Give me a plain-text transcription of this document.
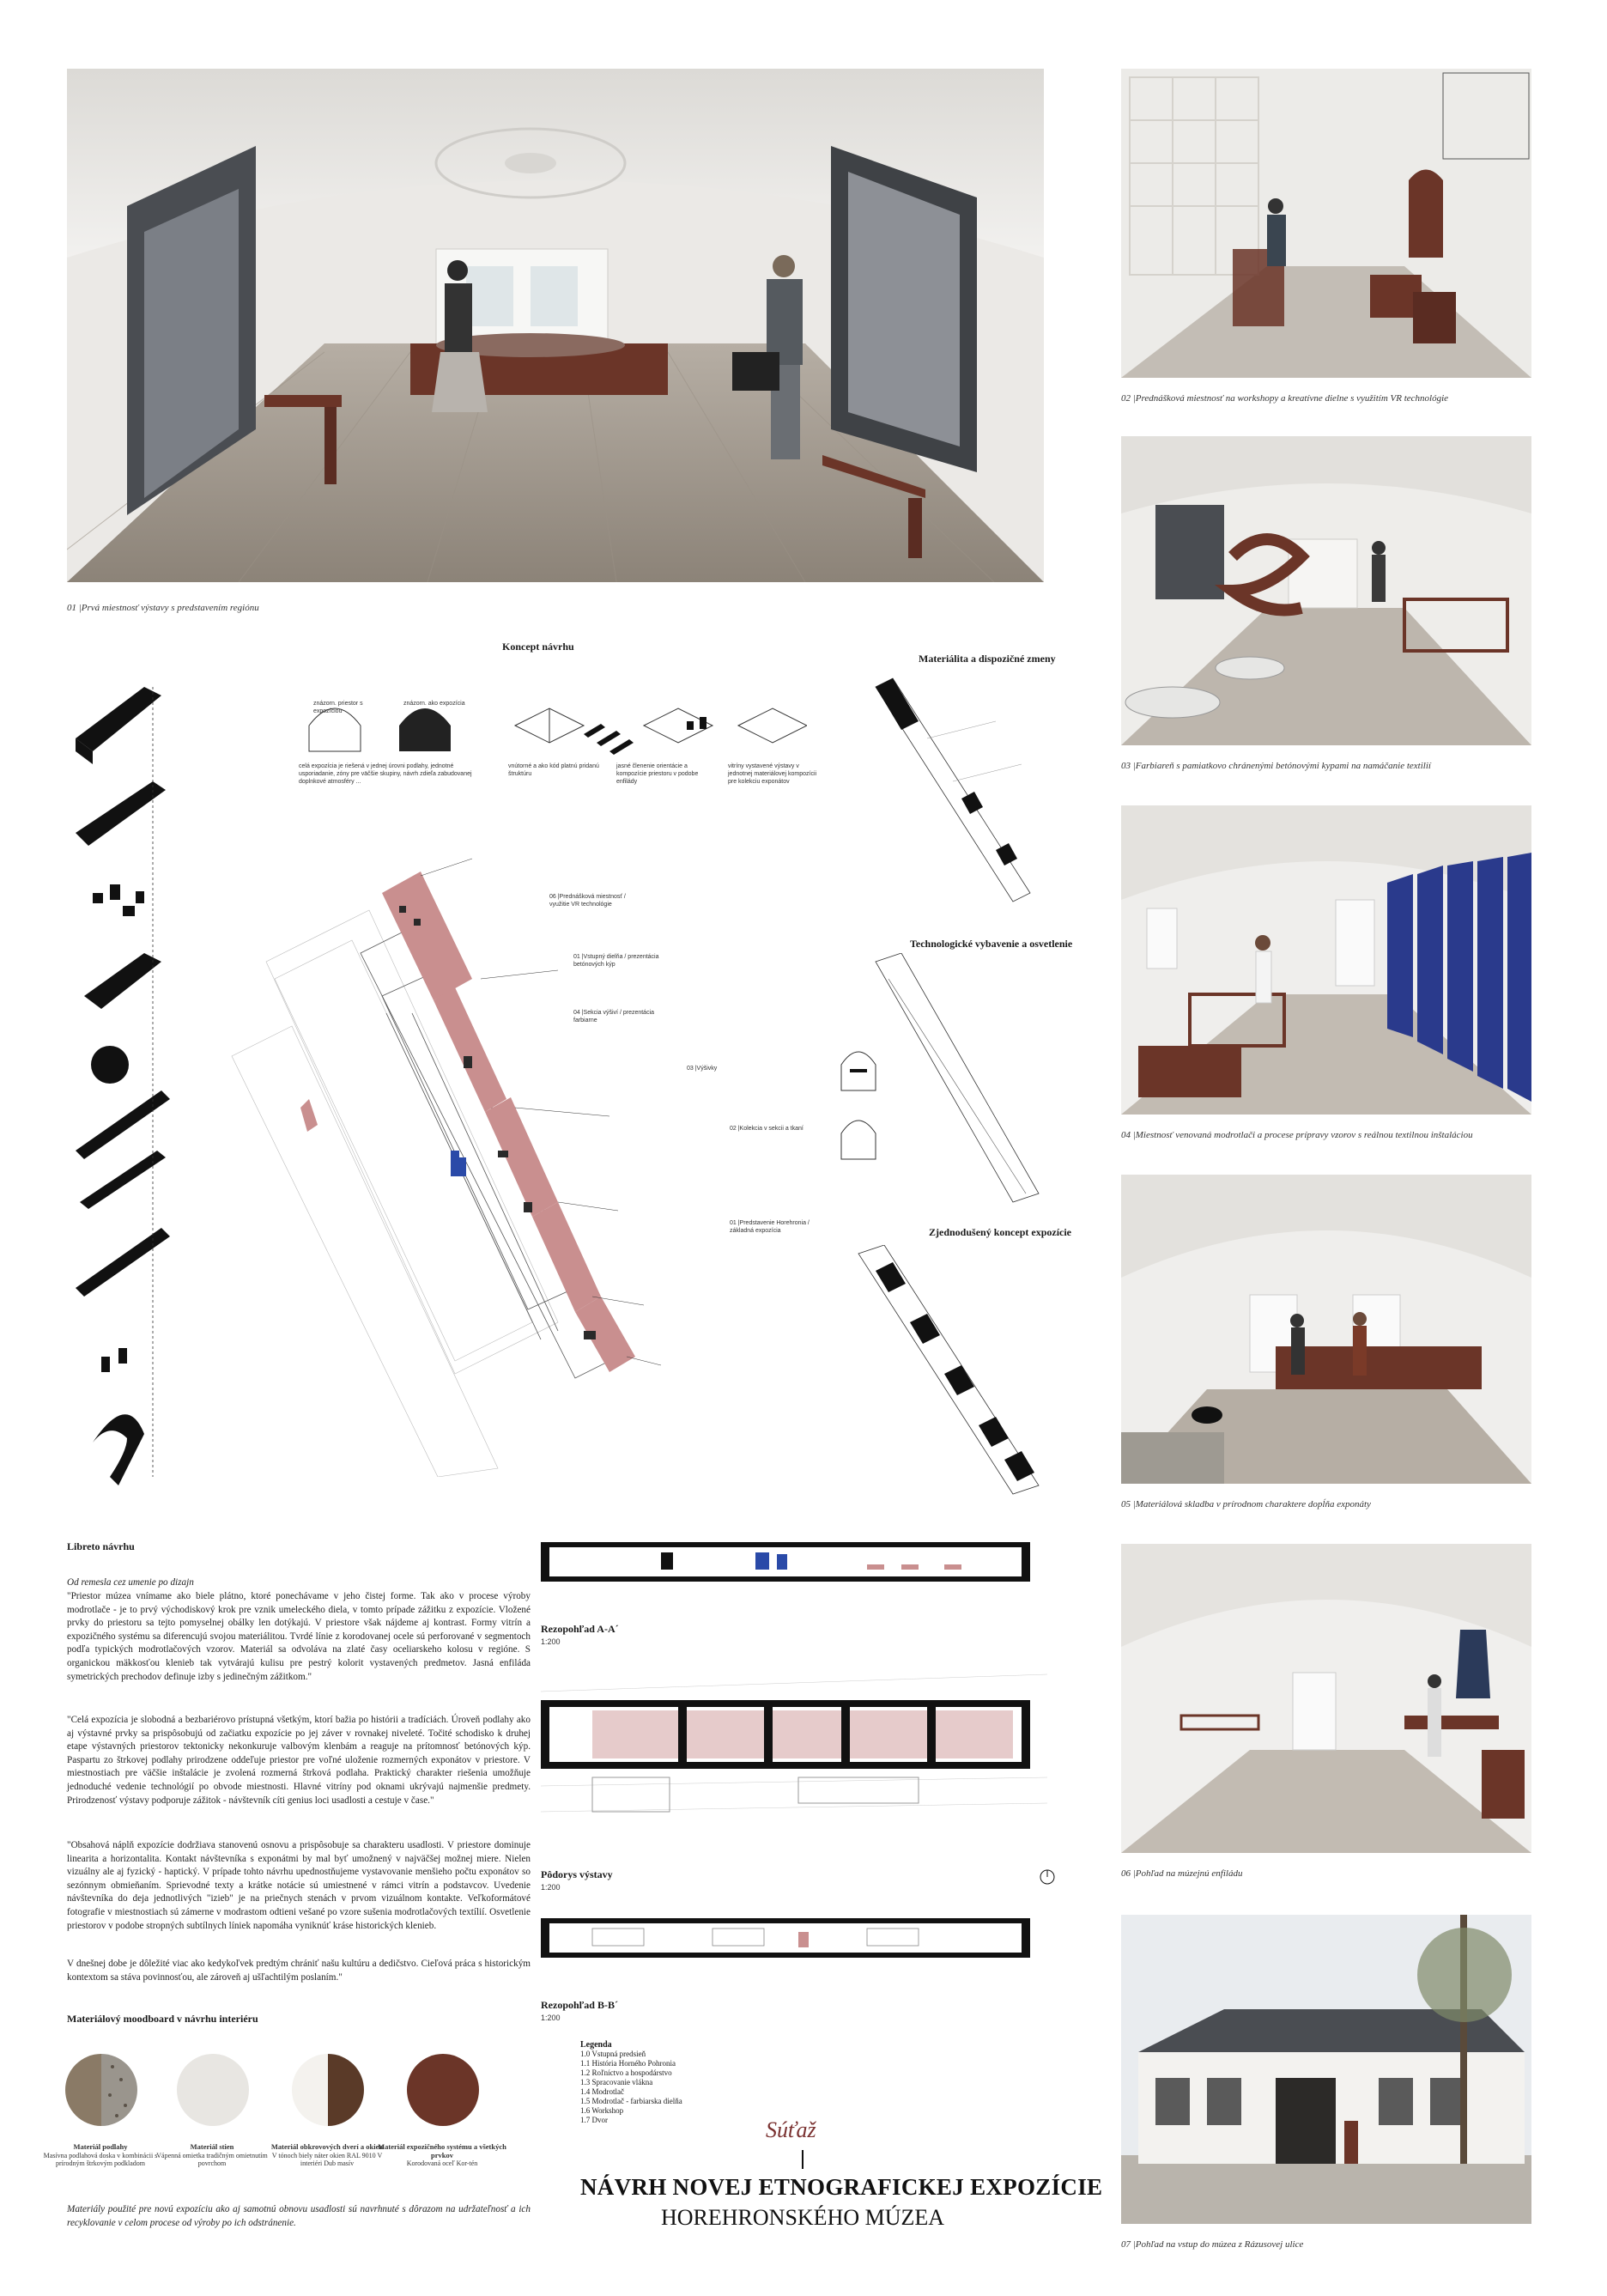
01 |Prvá miestnosť výstavy s predstavením regiónu
02 |Prednášková miestnosť na workshopy a kreatívne dielne s využitím VR technológie
03 |Farbiareň s pamiatkovo chránenými betónovými kypami na namáčanie textilií
04 |Miestnosť venovaná modrotlači a procese prípravy vzorov s reálnou textilnou inštaláciou
05 |Materiálová skladba v prírodnom charaktere dopĺňa exponáty
06 |Pohľad na múzejnú enfiládu
07 |Pohľad na vstup do múzea z Rázusovej ulice
Koncept návrhu
znázorn. priestor s expozíciou
znázorn. ako expozícia
celá expozícia je riešená v jednej úrovni podlahy, jednotné usporiadanie, zóny pre väčšie skupiny, návrh zdieľa zabudovanej doplnkové atmosféry ...
vnútorné a ako kód platnú pridanú štruktúru
jasné členenie orientácie a kompozície priestoru v podobe enfilády
vitríny vystavené výstavy v jednotnej materiálovej kompozícii pre kolekciu exponátov
06 |Prednášková miestnosť / využitie VR technológie
01 |Vstupný dielňa / prezentácia betónových kýp
04 |Sekcia výšiví / prezentácia farbiarne
03 |Výšivky
02 |Kolekcia v sekcii a tkaní
01 |Predstavenie Horehronia / základná expozícia
Materiálita a dispozičné zmeny
Technologické vybavenie a osvetlenie
Zjednodušený koncept expozície
Libreto návrhu
Od remesla cez umenie po dizajn
"Priestor múzea vnímame ako biele plátno, ktoré ponechávame v jeho čistej forme. Tak ako v procese výroby modrotlače - je to prvý východiskový krok pre vznik umeleckého diela, v tomto prípade zážitku z expozície. Vložené prvky do priestoru sa tejto pomyselnej obálky len dotýkajú. V priestore však nájdeme aj kontrast. Formy vitrín a expozičného systému sa diferencujú svojou materiálitou. Tvrdé línie z korodovanej ocele sú perforované v segmentoch podľa typických modrotlačových vzorov. Materiál sa odvoláva na zlaté časy oceliarskeho kolosu v regióne. S organickou mäkkosťou klenieb tak vytvárajú kulisu pre pestrý kolorit vystavených predmetov. Jasná enfiláda symetrických prechodov definuje izby s jedinečným zážitkom."
"Celá expozícia je slobodná a bezbariérovo prístupná všetkým, ktorí bažia po histórii a tradíciách. Úroveň podlahy ako aj výstavné prvky sa prispôsobujú od začiatku expozície po jej záver v rovnakej niveleté. Točité schodisko k druhej etape výstavných priestorov tektonicky nekonkuruje valbovým klenbám a reaguje na prítomnosť betónových kýp. Paspartu zo štrkovej podlahy prirodzene oddeľuje priestor pre voľné uloženie rozmerných exponátov v priestore. V miestnostiach pre väčšie inštalácie je zvolená rozmerná štrková podlaha. Praktický charakter riešenia umožňuje jednoduché vedenie technológií po obvode miestnosti. Hlavné vitríny pod oknami ukrývajú najmenšie predmety. Prirodzenosť výstavy podporuje zážitok - návštevník cíti genius loci usadlosti a cestuje v čase."
"Obsahová náplň expozície dodržiava stanovenú osnovu a prispôsobuje sa charakteru usadlosti. V priestore dominuje linearita a horizontalita. Kontakt návštevníka s exponátmi by mal byť umožnený v najväčšej možnej miere. Nielen vizuálny ale aj fyzický - haptický. V prípade tohto návrhu upednostňujeme vystavovanie menšieho počtu exponátov so sezónnym obmieňaním. Sprievodné texty a krátke notácie sú umiestnené v rámci vitrín a podstavcov. Uvedenie návštevníka do deja jednotlivých "izieb" je na priečnych stenách v prvom vizuálnom kontakte. Veľkoformátové fotografie v miestnostiach sú zámerne v modrastom odtieni vešané po vzore sušenia modrotlačových textílií. Osvetlenie priestorov v podobe stropných subtílnych líniek napomáha vyniknúť kráse historických klenieb.
V dnešnej dobe je dôležité viac ako kedykoľvek predtým chrániť našu kultúru a dedičstvo. Cieľová práca s historickým kontextom sa stáva povinnosťou, ale zároveň aj ušľachtilým poslaním."
Materiálový moodboard v návrhu interiéru
Materiál podlahy
Masívna podlahová doska v kombinácii s prírodným štrkovým podkladom
Materiál stien
Vápenná omietka tradičným omietnutím povrchom
Materiál obkrovových dverí a okien
V tónoch biely náter okien RAL 9010 V interiéri Dub masív
Materiál expozičného systému a všetkých prvkov
Korodovaná oceľ Kor-tén
Materiály použité pre novú expozíciu ako aj samotnú obnovu usadlosti sú navrhnuté s dôrazom na udržateľnosť a ich recyklovanie v celom procese od výroby po ich odstránenie.
Rezopohľad A-A´
1:200
Pôdorys výstavy
1:200
Rezopohľad B-B´
1:200
Legenda
1.0 Vstupná predsieň
1.1 História Horného Pohronia
1.2 Roľníctvo a hospodárstvo
1.3 Spracovanie vlákna
1.4 Modrotlač
1.5 Modrotlač - farbiarska dielňa
1.6 Workshop
1.7 Dvor	Súťaž
NÁVRH NOVEJ ETNOGRAFICKEJ EXPOZÍCIE
HOREHRONSKÉHO MÚZEA
